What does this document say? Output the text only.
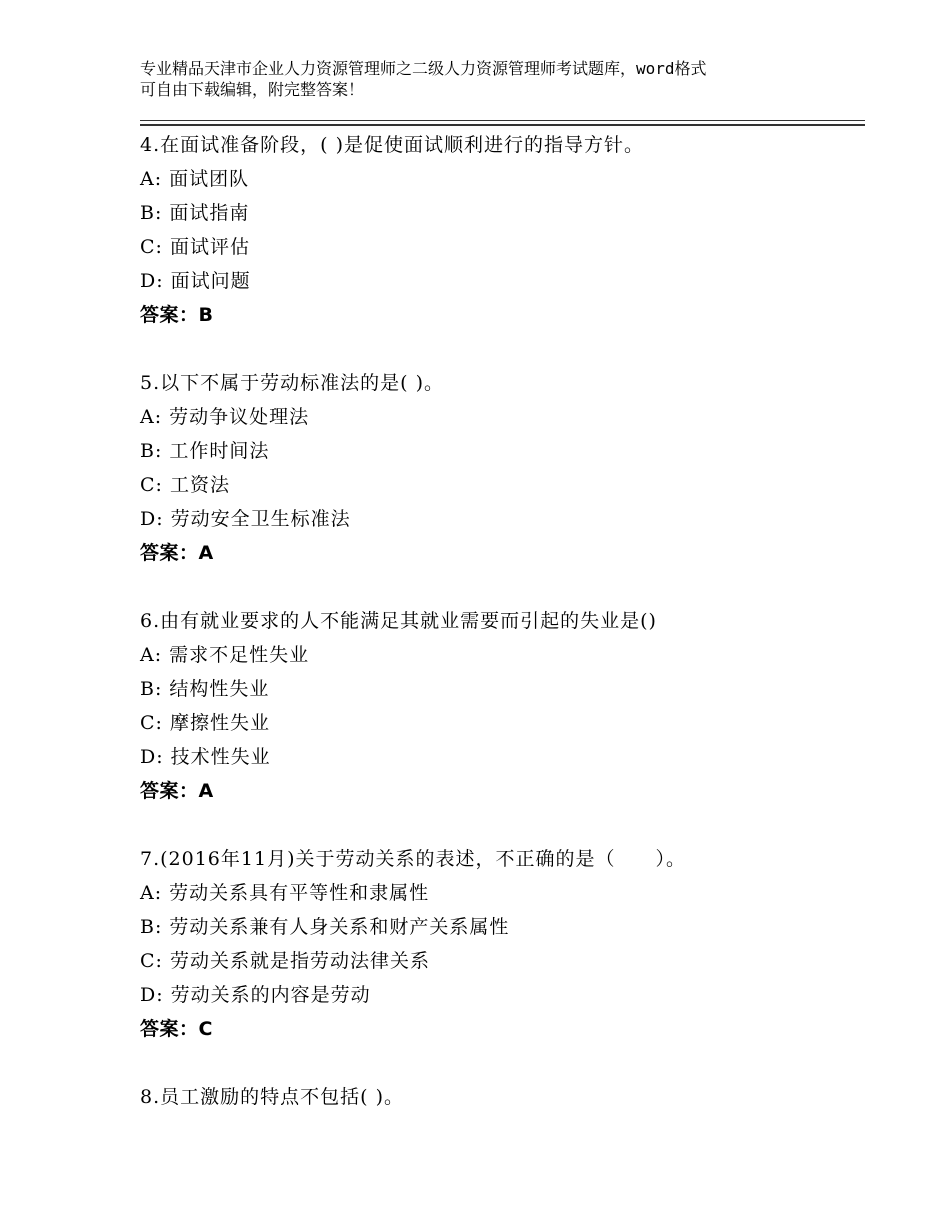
专业精品天津市企业人力资源管理师之二级人力资源管理师考试题库，word格式
可自由下载编辑，附完整答案！
4.在面试准备阶段，( )是促使面试顺利进行的指导方针。
A: 面试团队
B: 面试指南
C: 面试评估
D: 面试问题
答案：B
5.以下不属于劳动标准法的是( )。
A: 劳动争议处理法
B: 工作时间法
C: 工资法
D: 劳动安全卫生标准法
答案：A
6.由有就业要求的人不能满足其就业需要而引起的失业是()
A: 需求不足性失业
B: 结构性失业
C: 摩擦性失业
D: 技术性失业
答案：A
7.(2016年11月)关于劳动关系的表述，不正确的是（　　）。
A: 劳动关系具有平等性和隶属性
B: 劳动关系兼有人身关系和财产关系属性
C: 劳动关系就是指劳动法律关系
D: 劳动关系的内容是劳动
答案：C
8.员工激励的特点不包括( )。
